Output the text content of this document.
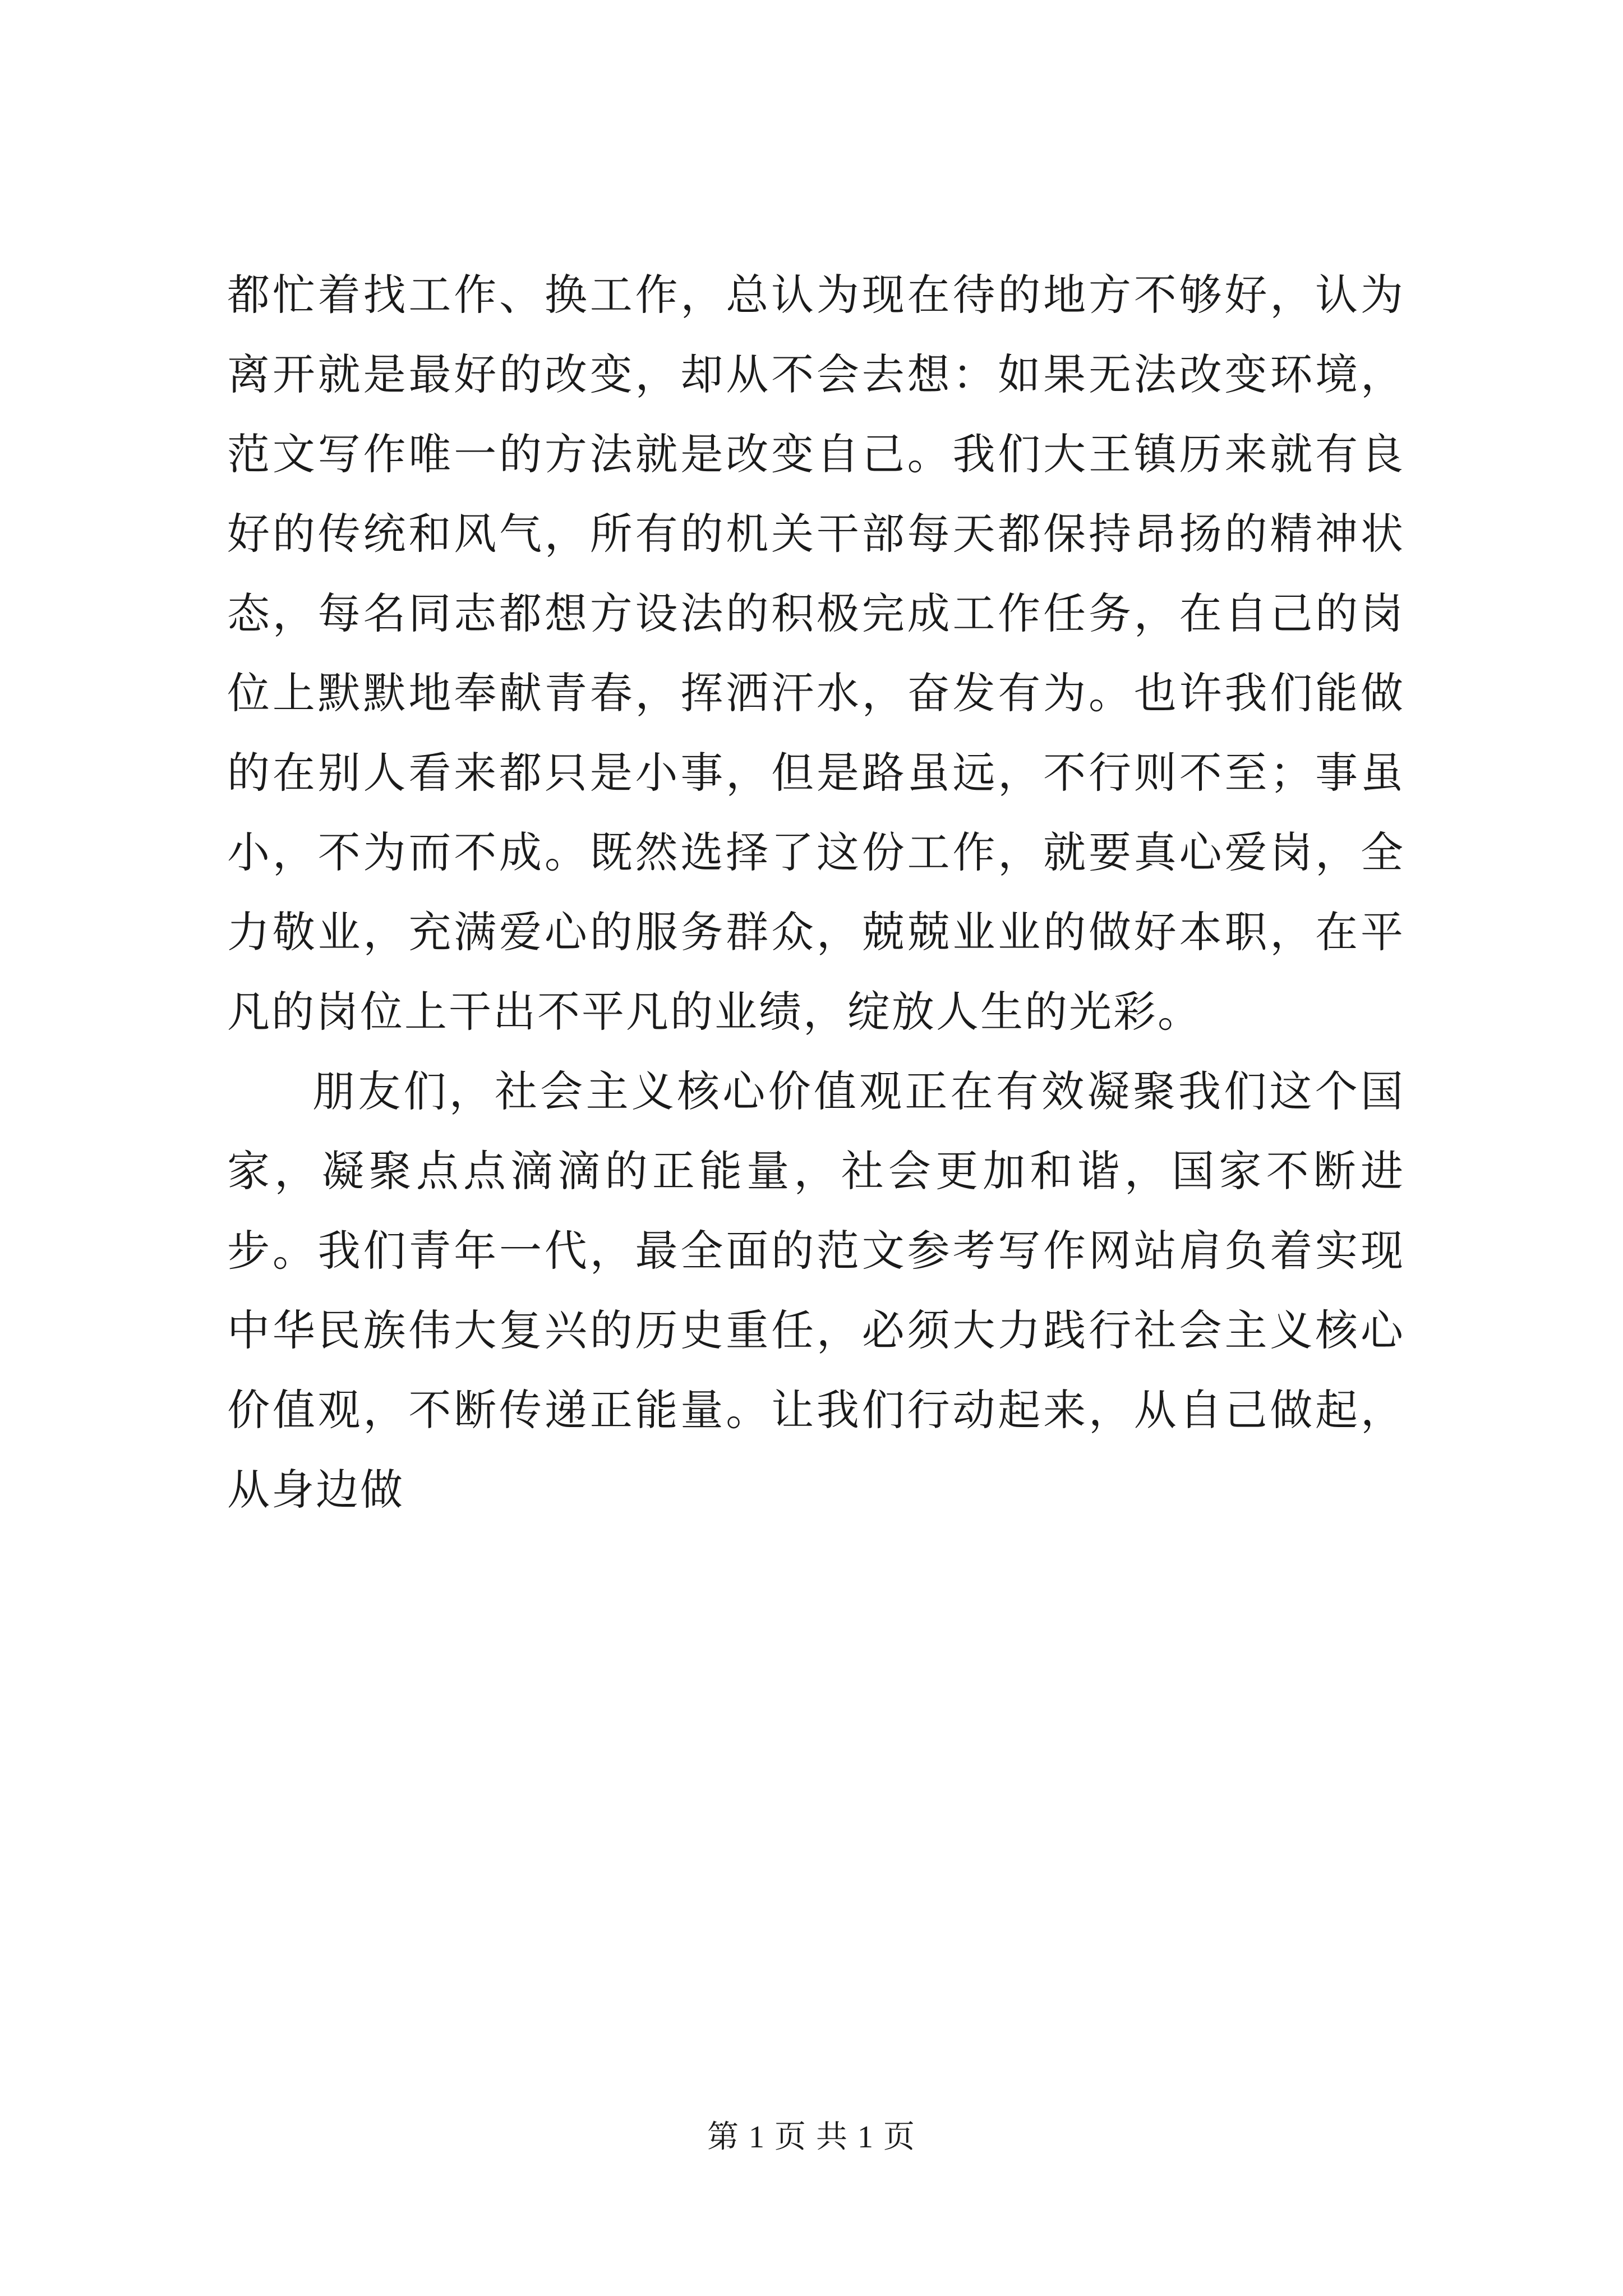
都忙着找工作、换工作，总认为现在待的地方不够好，认为离开就是最好的改变，却从不会去想：如果无法改变环境，范文写作唯一的方法就是改变自己。我们大王镇历来就有良好的传统和风气，所有的机关干部每天都保持昂扬的精神状态，每名同志都想方设法的积极完成工作任务，在自己的岗位上默默地奉献青春，挥洒汗水，奋发有为。也许我们能做的在别人看来都只是小事，但是路虽远，不行则不至；事虽小，不为而不成。既然选择了这份工作，就要真心爱岗，全力敬业，充满爱心的服务群众，兢兢业业的做好本职，在平凡的岗位上干出不平凡的业绩，绽放人生的光彩。

朋友们，社会主义核心价值观正在有效凝聚我们这个国家，凝聚点点滴滴的正能量，社会更加和谐，国家不断进步。我们青年一代，最全面的范文参考写作网站肩负着实现中华民族伟大复兴的历史重任，必须大力践行社会主义核心价值观，不断传递正能量。让我们行动起来，从自己做起，从身边做

第 1 页 共 1 页
